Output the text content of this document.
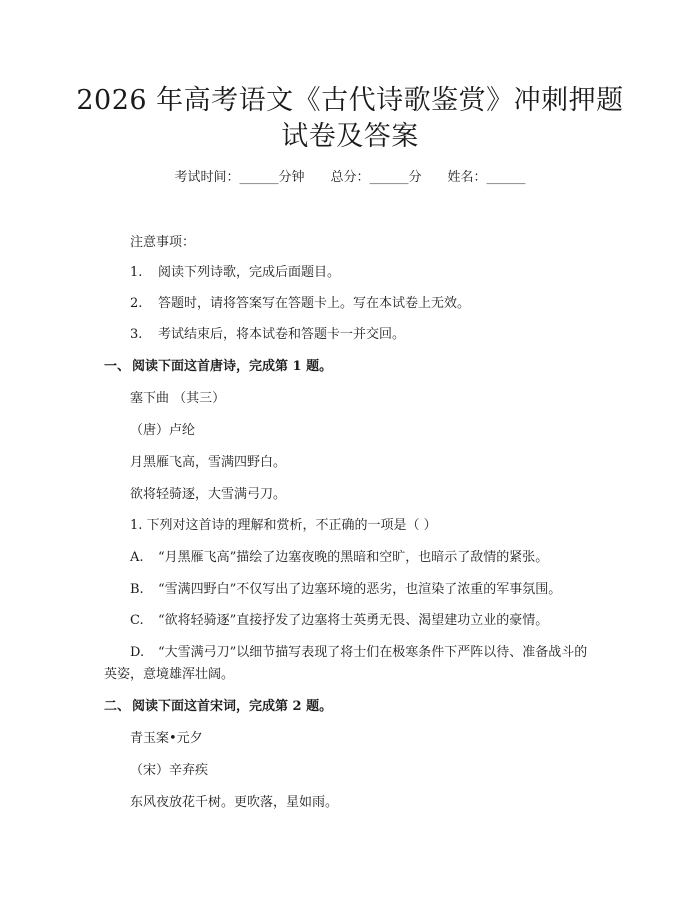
2026 年高考语文《古代诗歌鉴赏》冲刺押题
试卷及答案
考试时间：______分钟 总分：______分 姓名：______
注意事项：
1. 阅读下列诗歌，完成后面题目。
2. 答题时，请将答案写在答题卡上。写在本试卷上无效。
3. 考试结束后，将本试卷和答题卡一并交回。
一、 阅读下面这首唐诗，完成第 1 题。
塞下曲 （其三）
（唐）卢纶
月黑雁飞高，雪满四野白。
欲将轻骑逐，大雪满弓刀。
1. 下列对这首诗的理解和赏析，不正确的一项是（ ）
A. “月黑雁飞高”描绘了边塞夜晚的黑暗和空旷，也暗示了敌情的紧张。
B. “雪满四野白”不仅写出了边塞环境的恶劣，也渲染了浓重的军事氛围。
C. “欲将轻骑逐”直接抒发了边塞将士英勇无畏、渴望建功立业的豪情。
D. “大雪满弓刀”以细节描写表现了将士们在极寒条件下严阵以待、准备战斗的英姿，意境雄浑壮阔。
二、 阅读下面这首宋词，完成第 2 题。
青玉案•元夕
（宋）辛弃疾
东风夜放花千树。更吹落，星如雨。
